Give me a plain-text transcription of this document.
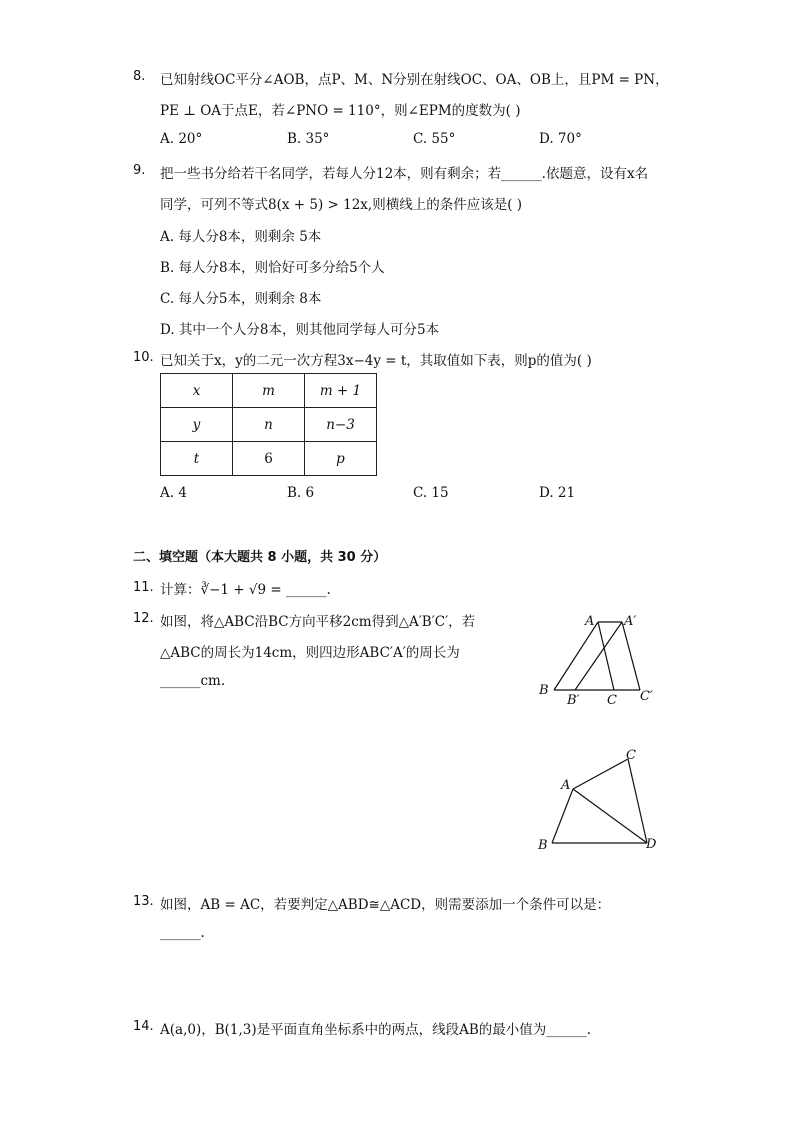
8. 已知射线OC平分∠AOB，点P、M、N分别在射线OC、OA、OB上，且PM = PN，
PE ⊥ OA于点E，若∠PNO = 110°，则∠EPM的度数为( )
A. 20°	B. 35°	C. 55°	D. 70°
9. 把一些书分给若干名同学，若每人分12本，则有剩余；若______.依题意，设有x名
同学，可列不等式8(x + 5) > 12x,则横线上的条件应该是( )
A. 每人分8本，则剩余 5本
B. 每人分8本，则恰好可多分给5个人
C. 每人分5本，则剩余 8本
D. 其中一个人分8本，则其他同学每人可分5本
10. 已知关于x，y的二元一次方程3x−4y = t，其取值如下表，则p的值为( )
x	m	m + 1
y	n	n−3
t	6	p
A. 4	B. 6	C. 15	D. 21
二、填空题（本大题共 8 小题，共 30 分）
11. 计算：∛−1 + √9 = ______.
12. 如图，将△ABC沿BC方向平移2cm得到△A′B′C′，若
△ABC的周长为14cm，则四边形ABC′A′的周长为
______cm.
A A′
B
B′ C C′
A
B
C
D
13. 如图，AB = AC，若要判定△ABD≅△ACD，则需要添加一个条件可以是：
______.
14. A(a,0)，B(1,3)是平面直角坐标系中的两点，线段AB的最小值为______.
